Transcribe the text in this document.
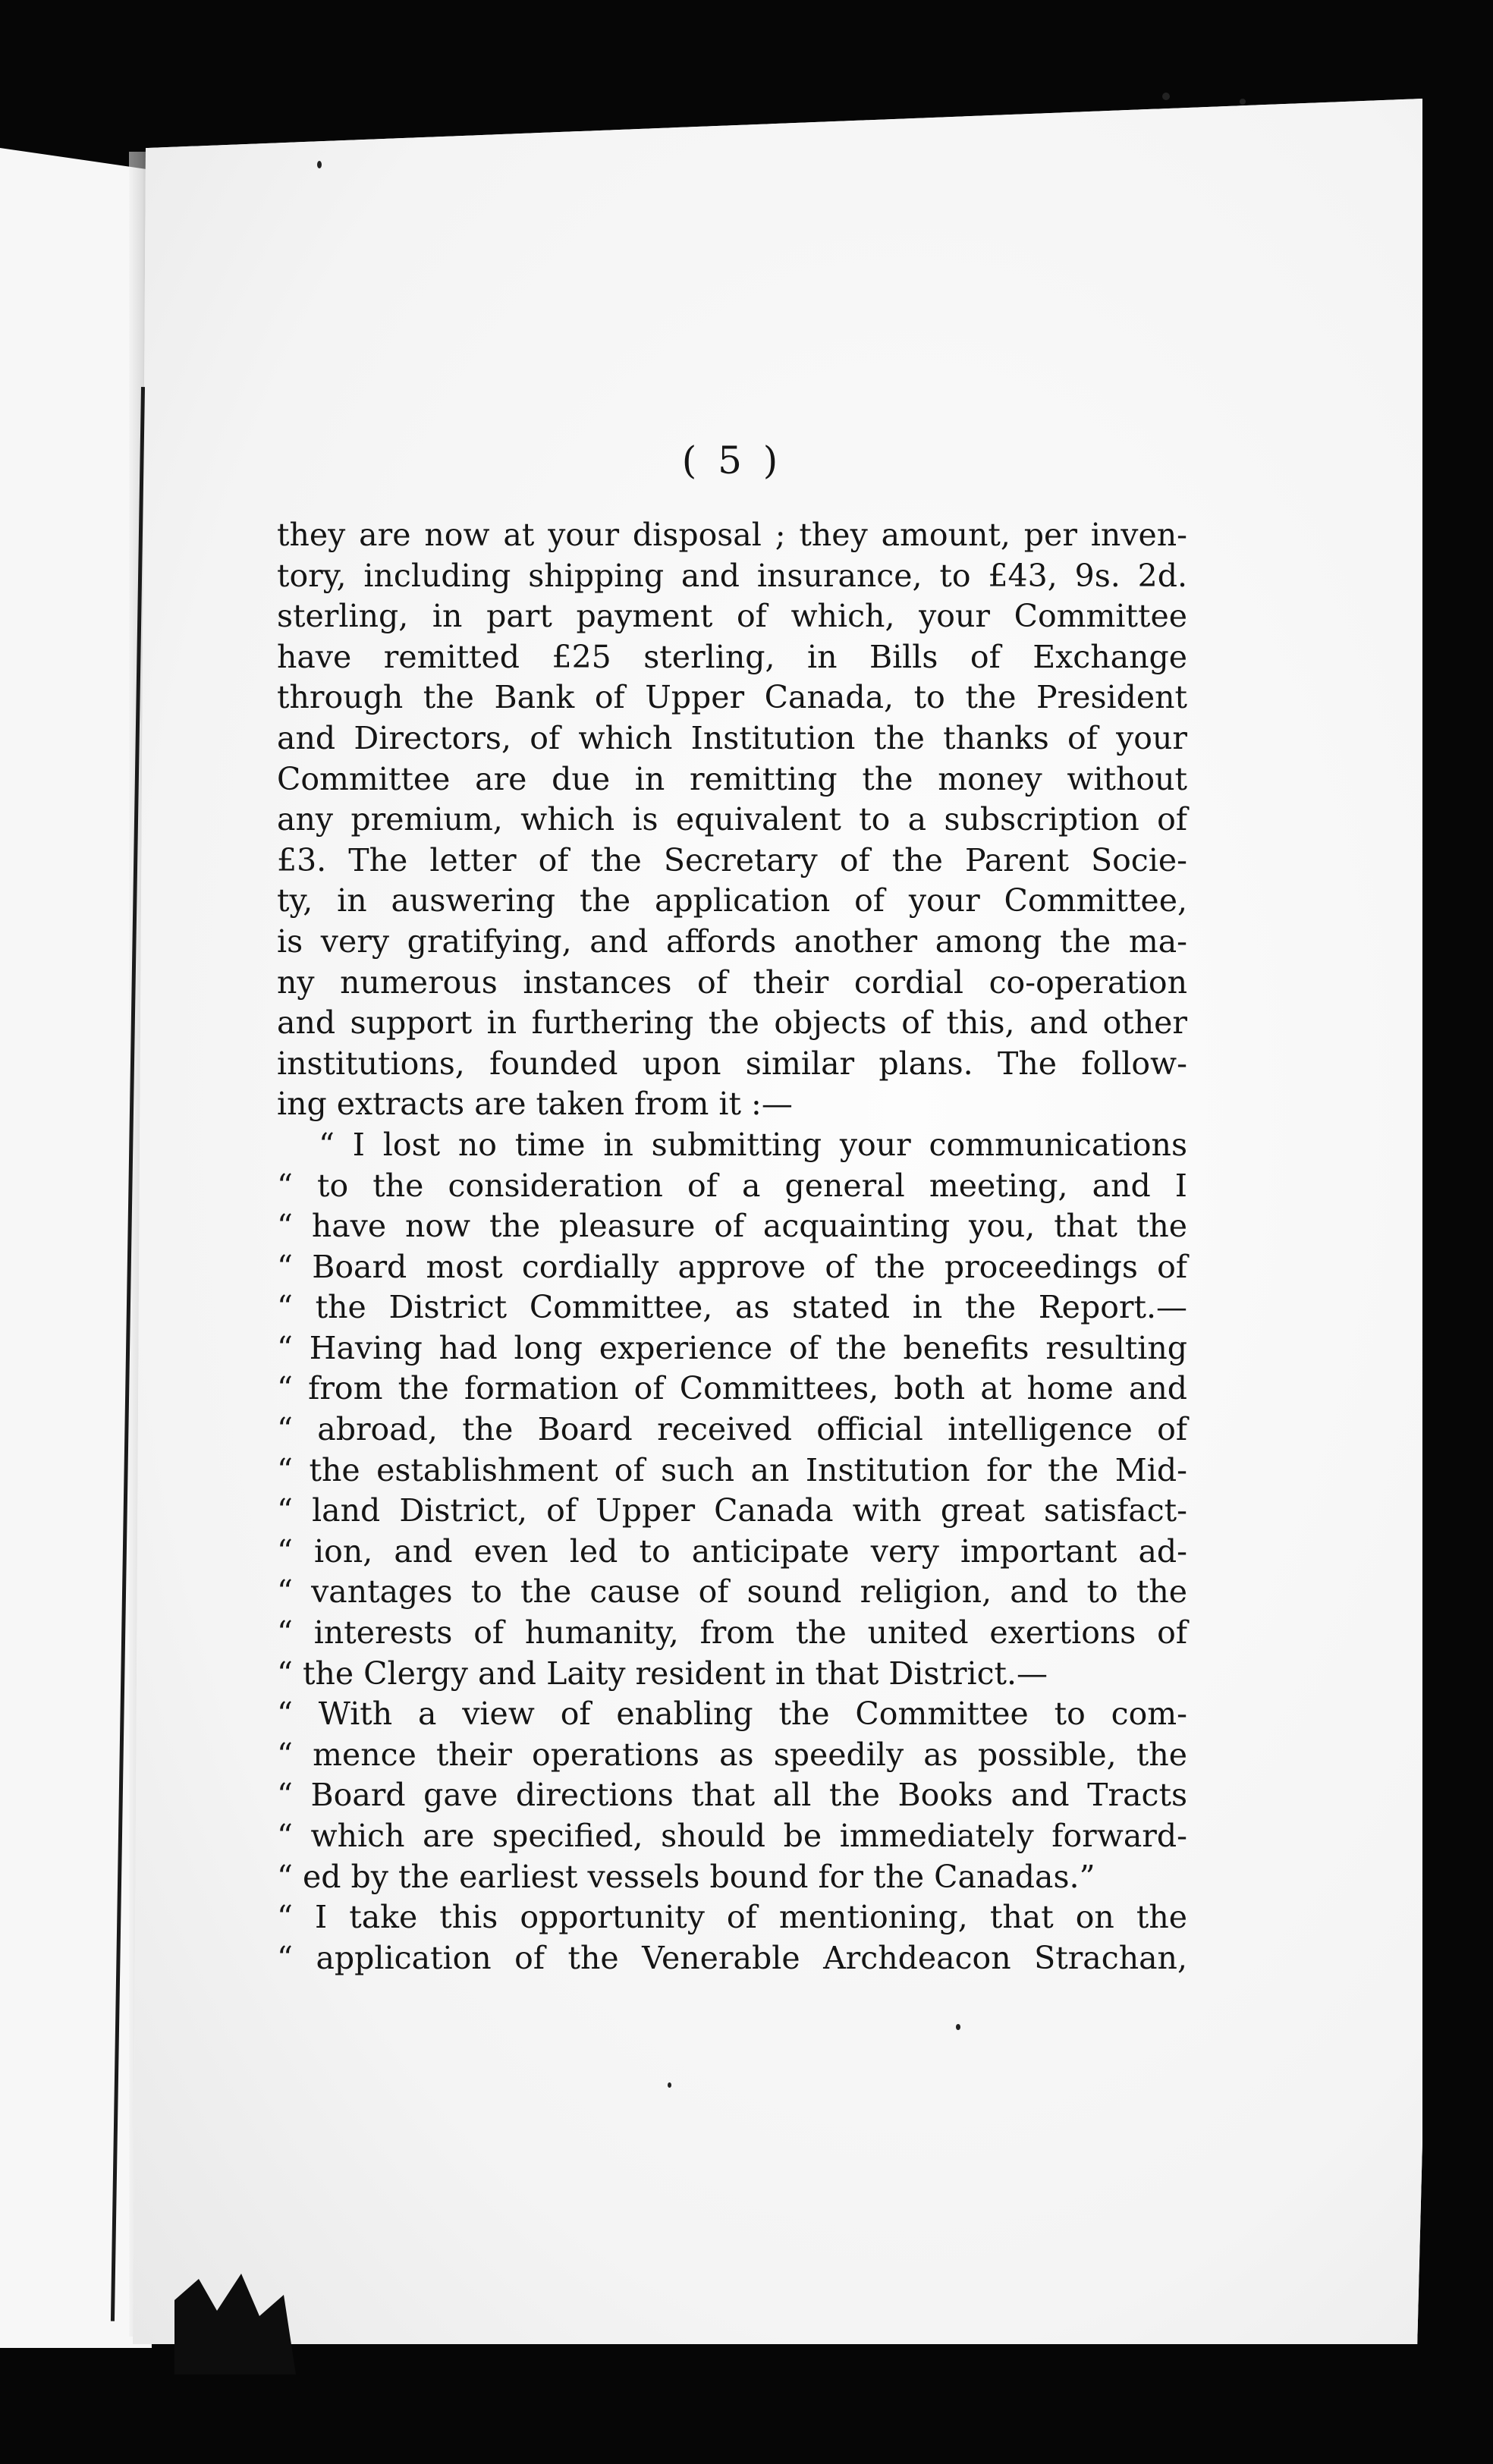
( 5 )
they are now at your disposal ; they amount, per inven-
tory, including shipping and insurance, to £43, 9s. 2d.
sterling, in part payment of which, your Committee
have remitted £25 sterling, in Bills of Exchange
through the Bank of Upper Canada, to the President
and Directors, of which Institution the thanks of your
Committee are due in remitting the money without
any premium, which is equivalent to a subscription of
£3. The letter of the Secretary of the Parent Socie-
ty, in auswering the application of your Committee,
is very gratifying, and affords another among the ma-
ny numerous instances of their cordial co-operation
and support in furthering the objects of this, and other
institutions, founded upon similar plans. The follow-
ing extracts are taken from it :—
“ I lost no time in submitting your communications
“ to the consideration of a general meeting, and I
“ have now the pleasure of acquainting you, that the
“ Board most cordially approve of the proceedings of
“ the District Committee, as stated in the Report.—
“ Having had long experience of the benefits resulting
“ from the formation of Committees, both at home and
“ abroad, the Board received official intelligence of
“ the establishment of such an Institution for the Mid-
“ land District, of Upper Canada with great satisfact-
“ ion, and even led to anticipate very important ad-
“ vantages to the cause of sound religion, and to the
“ interests of humanity, from the united exertions of
“ the Clergy and Laity resident in that District.—
“ With a view of enabling the Committee to com-
“ mence their operations as speedily as possible, the
“ Board gave directions that all the Books and Tracts
“ which are specified, should be immediately forward-
“ ed by the earliest vessels bound for the Canadas.”
“ I take this opportunity of mentioning, that on the
“ application of the Venerable Archdeacon Strachan,
